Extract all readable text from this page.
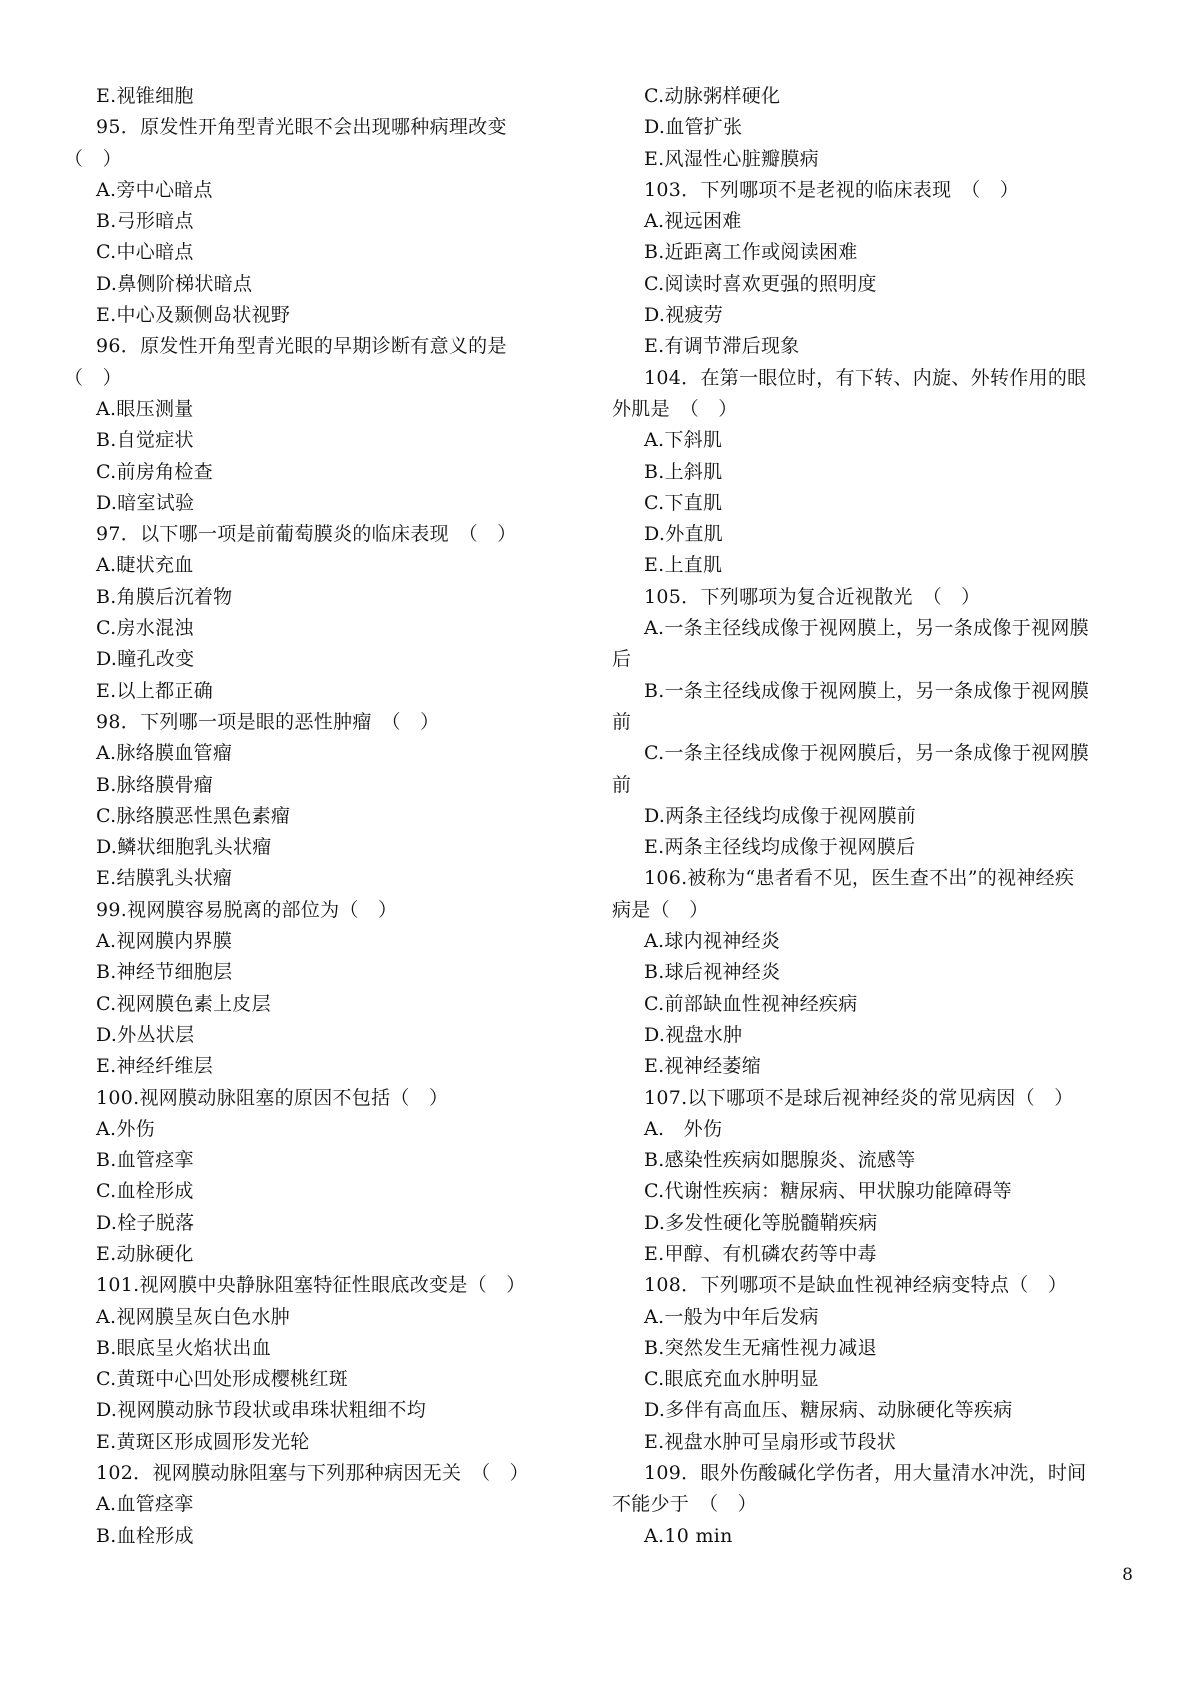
E.视锥细胞
95．原发性开角型青光眼不会出现哪种病理改变
（　）
A.旁中心暗点
B.弓形暗点
C.中心暗点
D.鼻侧阶梯状暗点
E.中心及颞侧岛状视野
96．原发性开角型青光眼的早期诊断有意义的是
（　）
A.眼压测量
B.自觉症状
C.前房角检查
D.暗室试验
97．以下哪一项是前葡萄膜炎的临床表现　（　）
A.睫状充血
B.角膜后沉着物
C.房水混浊
D.瞳孔改变
E.以上都正确
98．下列哪一项是眼的恶性肿瘤　（　）
A.脉络膜血管瘤
B.脉络膜骨瘤
C.脉络膜恶性黑色素瘤
D.鳞状细胞乳头状瘤
E.结膜乳头状瘤
99.视网膜容易脱离的部位为（　）
A.视网膜内界膜
B.神经节细胞层
C.视网膜色素上皮层
D.外丛状层
E.神经纤维层
100.视网膜动脉阻塞的原因不包括（　）
A.外伤
B.血管痉挛
C.血栓形成
D.栓子脱落
E.动脉硬化
101.视网膜中央静脉阻塞特征性眼底改变是（　）
A.视网膜呈灰白色水肿
B.眼底呈火焰状出血
C.黄斑中心凹处形成樱桃红斑
D.视网膜动脉节段状或串珠状粗细不均
E.黄斑区形成圆形发光轮
102．视网膜动脉阻塞与下列那种病因无关　（　）
A.血管痉挛
B.血栓形成
C.动脉粥样硬化
D.血管扩张
E.风湿性心脏瓣膜病
103．下列哪项不是老视的临床表现　（　）
A.视远困难
B.近距离工作或阅读困难
C.阅读时喜欢更强的照明度
D.视疲劳
E.有调节滞后现象
104．在第一眼位时，有下转、内旋、外转作用的眼
外肌是　（　）
A.下斜肌
B.上斜肌
C.下直肌
D.外直肌
E.上直肌
105．下列哪项为复合近视散光　（　）
A.一条主径线成像于视网膜上，另一条成像于视网膜
后
B.一条主径线成像于视网膜上，另一条成像于视网膜
前
C.一条主径线成像于视网膜后，另一条成像于视网膜
前
D.两条主径线均成像于视网膜前
E.两条主径线均成像于视网膜后
106.被称为“患者看不见，医生查不出”的视神经疾
病是（　）
A.球内视神经炎
B.球后视神经炎
C.前部缺血性视神经疾病
D.视盘水肿
E.视神经萎缩
107.以下哪项不是球后视神经炎的常见病因（　）
A.　外伤
B.感染性疾病如腮腺炎、流感等
C.代谢性疾病：糖尿病、甲状腺功能障碍等
D.多发性硬化等脱髓鞘疾病
E.甲醇、有机磷农药等中毒
108．下列哪项不是缺血性视神经病变特点（　）
A.一般为中年后发病
B.突然发生无痛性视力减退
C.眼底充血水肿明显
D.多伴有高血压、糖尿病、动脉硬化等疾病
E.视盘水肿可呈扇形或节段状
109．眼外伤酸碱化学伤者，用大量清水冲洗，时间
不能少于　（　）
A.10 min
8
